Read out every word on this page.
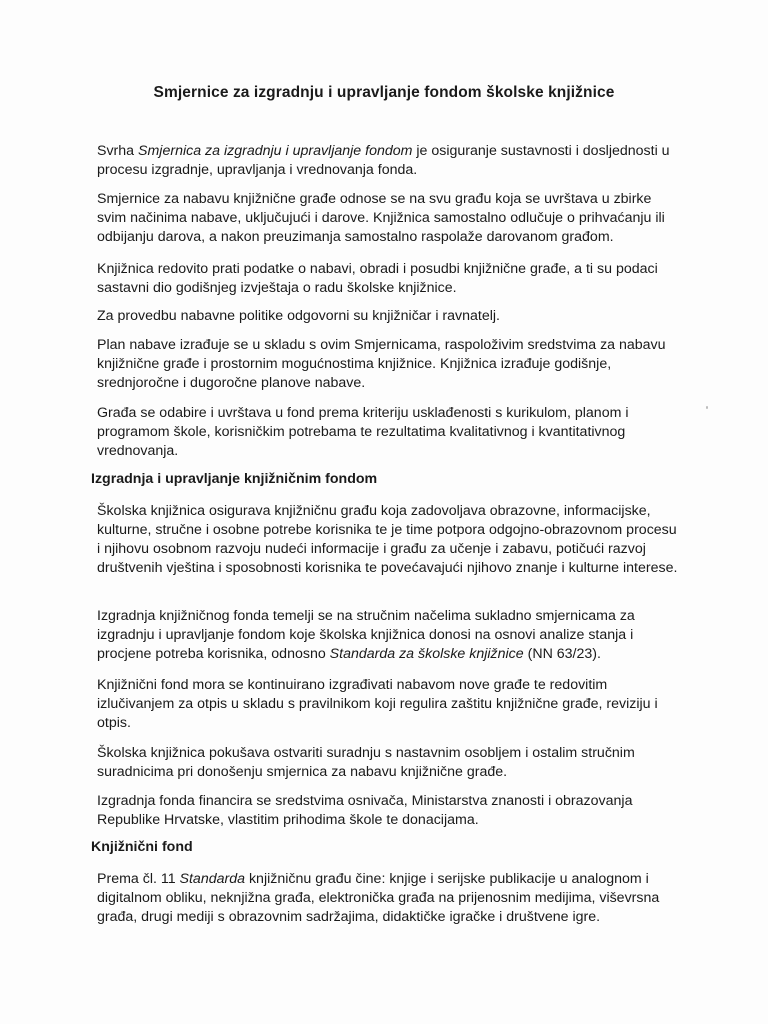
Smjernice za izgradnju i upravljanje fondom školske knjižnice

Svrha Smjernica za izgradnju i upravljanje fondom je osiguranje sustavnosti i dosljednosti u procesu izgradnje, upravljanja i vrednovanja fonda.

Smjernice za nabavu knjižnične građe odnose se na svu građu koja se uvrštava u zbirke svim načinima nabave, uključujući i darove. Knjižnica samostalno odlučuje o prihvaćanju ili odbijanju darova, a nakon preuzimanja samostalno raspolaže darovanom građom.

Knjižnica redovito prati podatke o nabavi, obradi i posudbi knjižnične građe, a ti su podaci sastavni dio godišnjeg izvještaja o radu školske knjižnice.

Za provedbu nabavne politike odgovorni su knjižničar i ravnatelj.

Plan nabave izrađuje se u skladu s ovim Smjernicama, raspoloživim sredstvima za nabavu knjižnične građe i prostornim mogućnostima knjižnice. Knjižnica izrađuje godišnje, srednjoročne i dugoročne planove nabave.

Građa se odabire i uvrštava u fond prema kriteriju usklađenosti s kurikulom, planom i programom škole, korisničkim potrebama te rezultatima kvalitativnog i kvantitativnog vrednovanja.

Izgradnja i upravljanje knjižničnim fondom

Školska knjižnica osigurava knjižničnu građu koja zadovoljava obrazovne, informacijske, kulturne, stručne i osobne potrebe korisnika te je time potpora odgojno-obrazovnom procesu i njihovu osobnom razvoju nudeći informacije i građu za učenje i zabavu, potičući razvoj društvenih vještina i sposobnosti korisnika te povećavajući njihovo znanje i kulturne interese.

Izgradnja knjižničnog fonda temelji se na stručnim načelima sukladno smjernicama za izgradnju i upravljanje fondom koje školska knjižnica donosi na osnovi analize stanja i procjene potreba korisnika, odnosno Standarda za školske knjižnice (NN 63/23).

Knjižnični fond mora se kontinuirano izgrađivati nabavom nove građe te redovitim izlučivanjem za otpis u skladu s pravilnikom koji regulira zaštitu knjižnične građe, reviziju i otpis.

Školska knjižnica pokušava ostvariti suradnju s nastavnim osobljem i ostalim stručnim suradnicima pri donošenju smjernica za nabavu knjižnične građe.

Izgradnja fonda financira se sredstvima osnivača, Ministarstva znanosti i obrazovanja Republike Hrvatske, vlastitim prihodima škole te donacijama.

Knjižnični fond

Prema čl. 11 Standarda knjižničnu građu čine: knjige i serijske publikacije u analognom i digitalnom obliku, neknjižna građa, elektronička građa na prijenosnim medijima, viševrsna građa, drugi mediji s obrazovnim sadržajima, didaktičke igračke i društvene igre.
